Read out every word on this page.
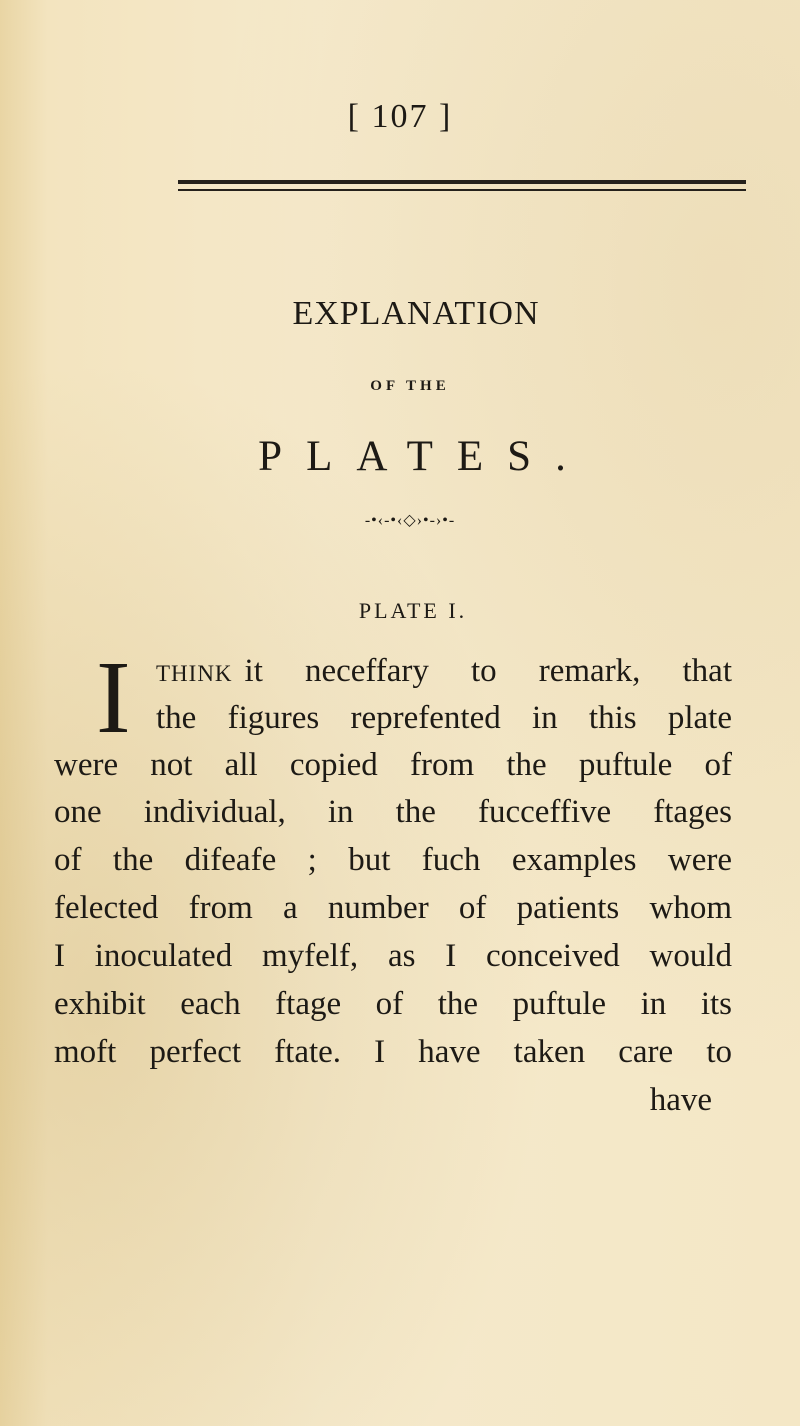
[ 107 ]
EXPLANATION
OF THE
PLATES.
-•‹-•‹◇›•-›•-
PLATE I.
I think it neceffary to remark, that
the figures reprefented in this plate
were not all copied from the puftule of
one individual, in the fucceffive ftages
of the difeafe ; but fuch examples were
felected from a number of patients whom
I inoculated myfelf, as I conceived would
exhibit each ftage of the puftule in its
moft perfect ftate. I have taken care to
have
